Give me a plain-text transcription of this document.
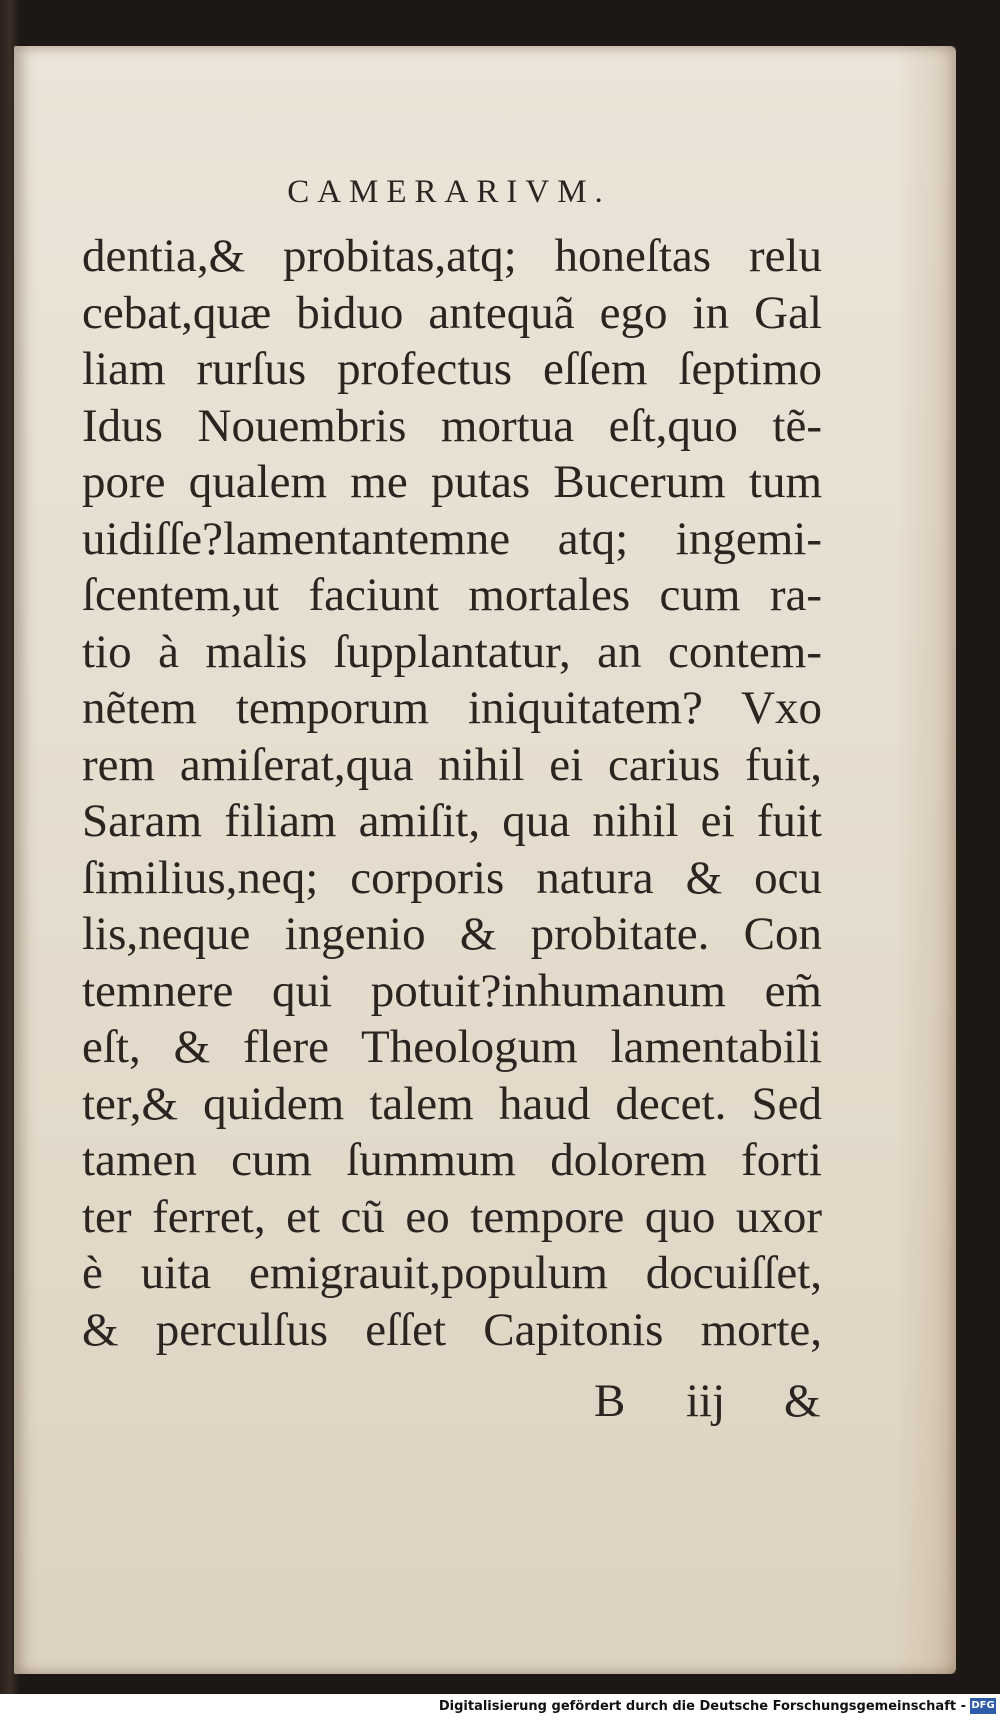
CAMERARIVM.
dentia,& probitas,atq; honeſtas relu
cebat,quæ biduo antequã ego in Gal
liam rurſus profectus eſſem ſeptimo
Idus Nouembris mortua eſt,quo tẽ-
pore qualem me putas Bucerum tum
uidiſſe?lamentantemne atq; ingemi-
ſcentem,ut faciunt mortales cum ra-
tio à malis ſupplantatur, an contem-
nẽtem temporum iniquitatem? Vxo
rem amiſerat,qua nihil ei carius fuit,
Saram filiam amiſit, qua nihil ei fuit
ſimilius,neq; corporis natura & ocu
lis,neque ingenio & probitate. Con
temnere qui potuit?inhumanum em̃
eſt, & flere Theologum lamentabili
ter,& quidem talem haud decet. Sed
tamen cum ſummum dolorem forti
ter ferret, et cũ eo tempore quo uxor
è uita emigrauit,populum docuiſſet,
& perculſus eſſet Capitonis morte,
B iij &
Digitalisierung gefördert durch die Deutsche Forschungsgemeinschaft - DFG
